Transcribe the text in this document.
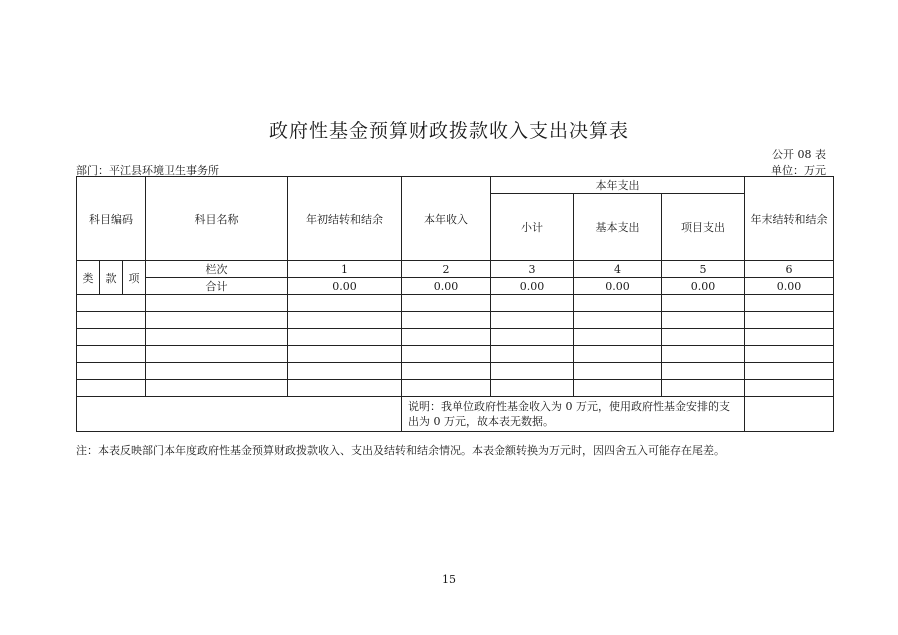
政府性基金预算财政拨款收入支出决算表
公开 08 表
部门：平江县环境卫生事务所	单位：万元
科目编码			科目名称	年初结转和结余	本年收入	本年支出			年末结转和结余
						小计	基本支出	项目支出	

类	款	项	栏次	1	2	3	4	5	6
			合计	0.00	0.00	0.00	0.00	0.00	0.00

					说明：我单位政府性基金收入为 0 万元，使用政府性基金安排的支出为 0 万元，故本表无数据。				
注：本表反映部门本年度政府性基金预算财政拨款收入、支出及结转和结余情况。本表金额转换为万元时，因四舍五入可能存在尾差。
15
